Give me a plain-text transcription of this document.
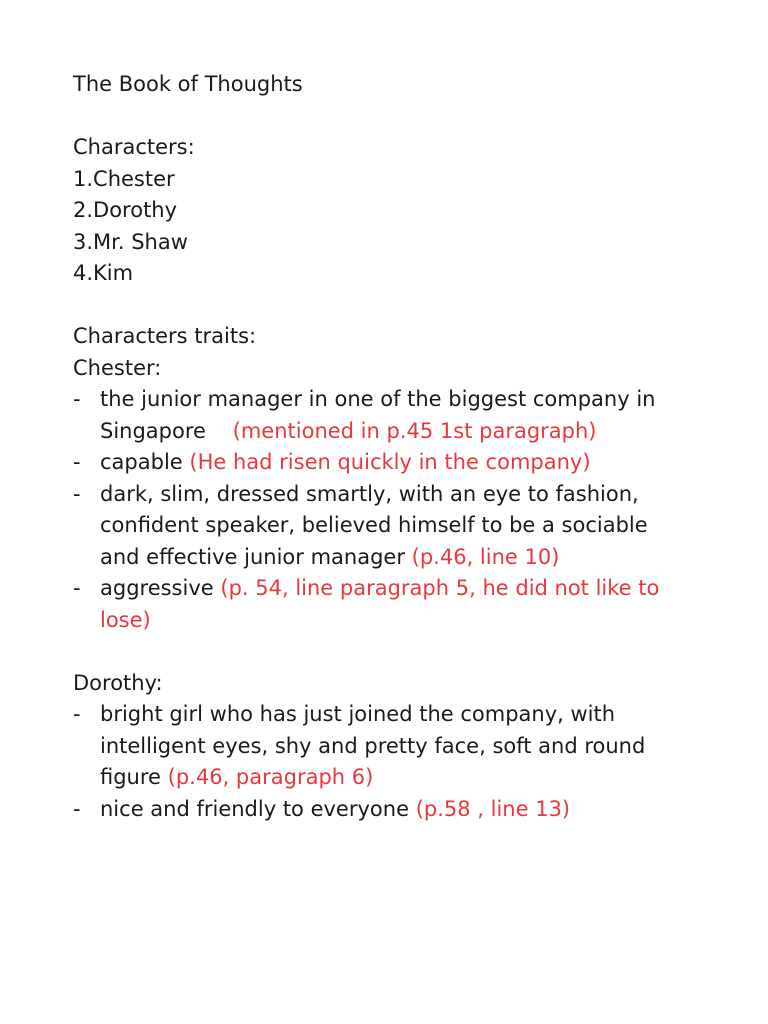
The Book of Thoughts
Characters:
1.Chester
2.Dorothy
3.Mr. Shaw
4.Kim
Characters traits:
Chester:
- the junior manager in one of the biggest company in
Singapore (mentioned in p.45 1st paragraph)
- capable (He had risen quickly in the company)
- dark, slim, dressed smartly, with an eye to fashion,
confident speaker, believed himself to be a sociable
and effective junior manager (p.46, line 10)
- aggressive (p. 54, line paragraph 5, he did not like to
lose)
Dorothy:
- bright girl who has just joined the company, with
intelligent eyes, shy and pretty face, soft and round
figure (p.46, paragraph 6)
- nice and friendly to everyone (p.58 , line 13)
